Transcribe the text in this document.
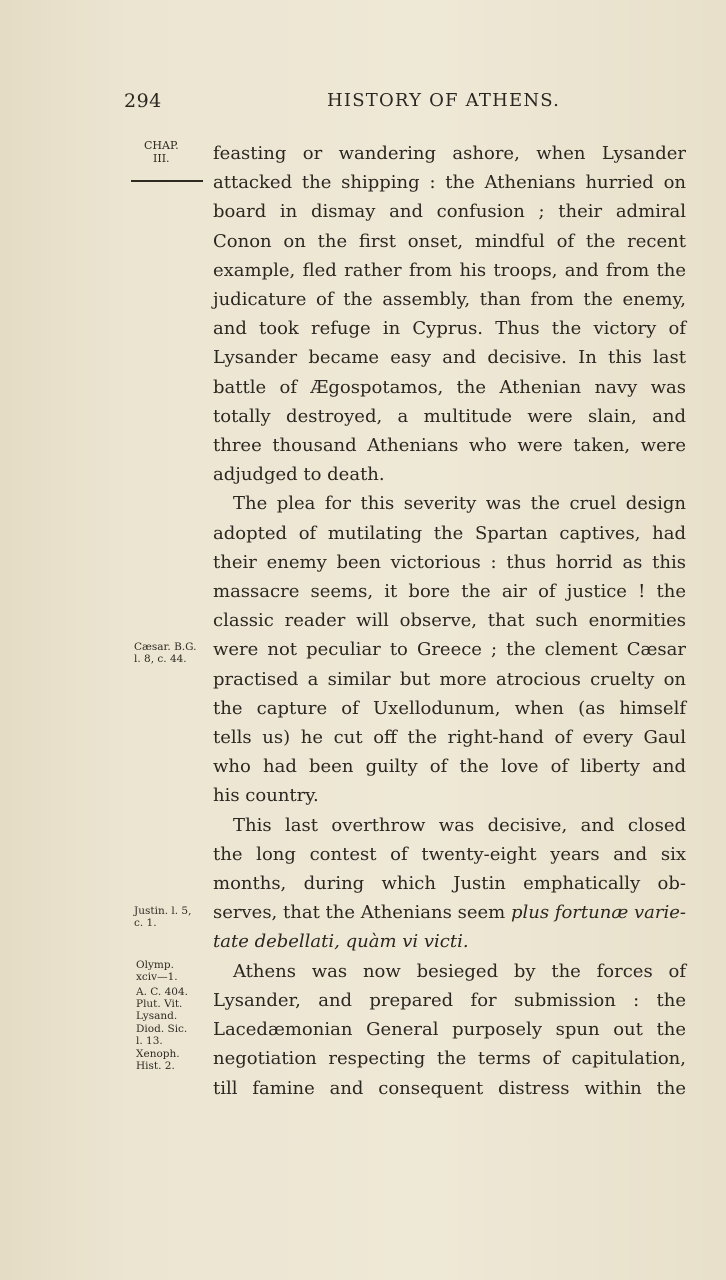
294	HISTORY OF ATHENS.
CHAP.
III.
Cæsar. B.G.
l. 8, c. 44.
Justin. l. 5,
c. 1.
Olymp.
xciv—1.
A. C. 404.
Plut. Vit.
Lysand.
Diod. Sic.
l. 13.
Xenoph.
Hist. 2.
feasting or wandering ashore, when Lysander
attacked the shipping : the Athenians hurried on
board in dismay and confusion ; their admiral
Conon on the first onset, mindful of the recent
example, fled rather from his troops, and from the
judicature of the assembly, than from the enemy,
and took refuge in Cyprus. Thus the victory of
Lysander became easy and decisive. In this last
battle of Ægospotamos, the Athenian navy was
totally destroyed, a multitude were slain, and
three thousand Athenians who were taken, were
adjudged to death.
The plea for this severity was the cruel design
adopted of mutilating the Spartan captives, had
their enemy been victorious : thus horrid as this
massacre seems, it bore the air of justice ! the
classic reader will observe, that such enormities
were not peculiar to Greece ; the clement Cæsar
practised a similar but more atrocious cruelty on
the capture of Uxellodunum, when (as himself
tells us) he cut off the right-hand of every Gaul
who had been guilty of the love of liberty and
his country.
This last overthrow was decisive, and closed
the long contest of twenty-eight years and six
months, during which Justin emphatically ob-
serves, that the Athenians seem plus fortunæ varie-
tate debellati, quàm vi victi.
Athens was now besieged by the forces of
Lysander, and prepared for submission : the
Lacedæmonian General purposely spun out the
negotiation respecting the terms of capitulation,
till famine and consequent distress within the
